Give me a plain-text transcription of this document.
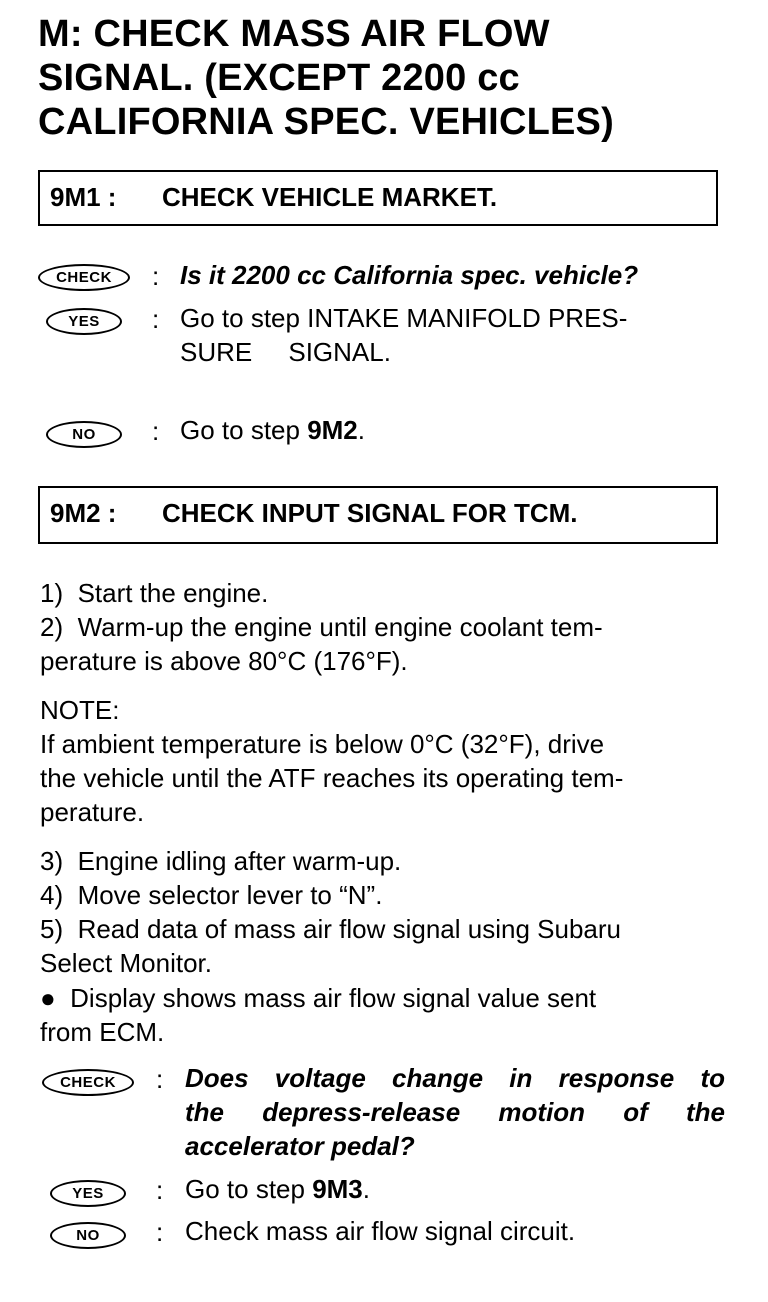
M: CHECK MASS AIR FLOW
SIGNAL. (EXCEPT 2200 cc
CALIFORNIA SPEC. VEHICLES)
9M1 : CHECK VEHICLE MARKET.
CHECK	: Is it 2200 cc California spec. vehicle?
YES	: Go to step INTAKE MANIFOLD PRES-
SURE     SIGNAL.
NO	: Go to step 9M2.
9M2 : CHECK INPUT SIGNAL FOR TCM.
1)  Start the engine.
2)  Warm-up the engine until engine coolant tem-
perature is above 80°C (176°F).
NOTE:
If ambient temperature is below 0°C (32°F), drive
the vehicle until the ATF reaches its operating tem-
perature.
3)  Engine idling after warm-up.
4)  Move selector lever to “N”.
5)  Read data of mass air flow signal using Subaru
Select Monitor.
●  Display shows mass air flow signal value sent
from ECM.
CHECK	: Does voltage change in response to
the depress-release motion of the
accelerator pedal?
YES	: Go to step 9M3.
NO	: Check mass air flow signal circuit.
